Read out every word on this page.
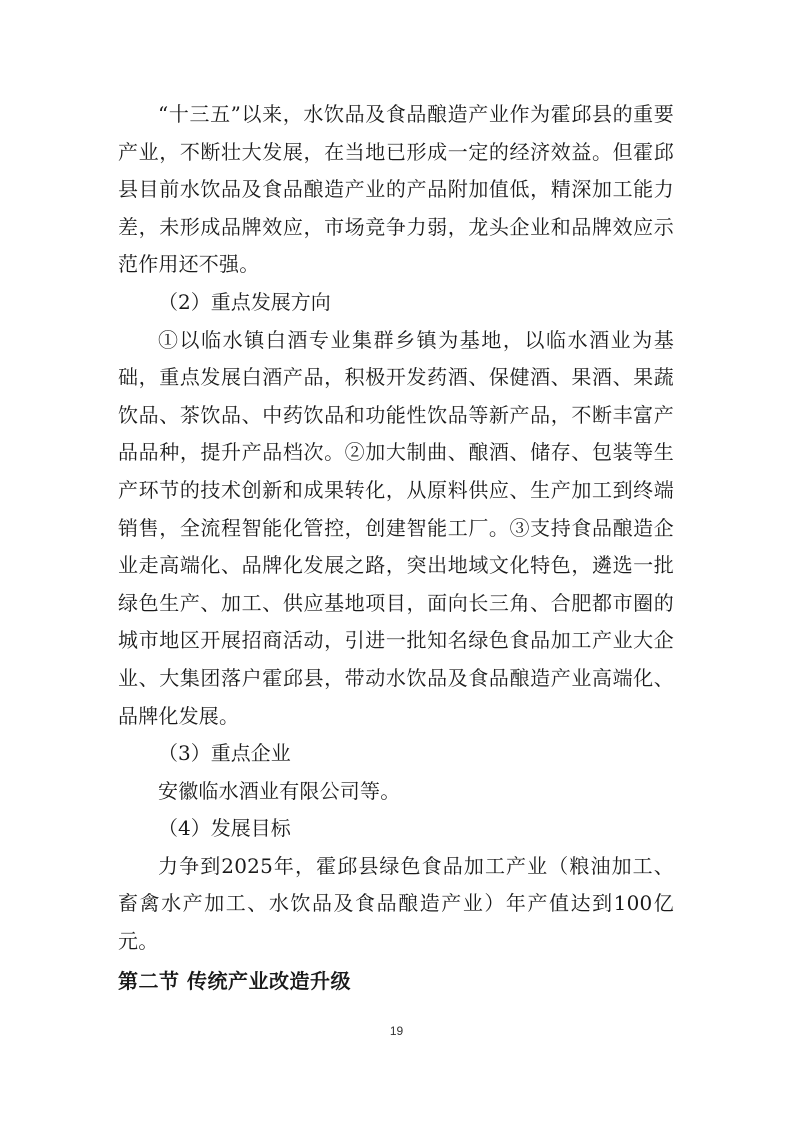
“十三五”以来，水饮品及食品酿造产业作为霍邱县的重要产业，不断壮大发展，在当地已形成一定的经济效益。但霍邱县目前水饮品及食品酿造产业的产品附加值低，精深加工能力差，未形成品牌效应，市场竞争力弱，龙头企业和品牌效应示范作用还不强。

（2）重点发展方向

①以临水镇白酒专业集群乡镇为基地，以临水酒业为基础，重点发展白酒产品，积极开发药酒、保健酒、果酒、果蔬饮品、茶饮品、中药饮品和功能性饮品等新产品，不断丰富产品品种，提升产品档次。②加大制曲、酿酒、储存、包装等生产环节的技术创新和成果转化，从原料供应、生产加工到终端销售，全流程智能化管控，创建智能工厂。③支持食品酿造企业走高端化、品牌化发展之路，突出地域文化特色，遴选一批绿色生产、加工、供应基地项目，面向长三角、合肥都市圈的城市地区开展招商活动，引进一批知名绿色食品加工产业大企业、大集团落户霍邱县，带动水饮品及食品酿造产业高端化、品牌化发展。

（3）重点企业

安徽临水酒业有限公司等。

（4）发展目标

力争到2025年，霍邱县绿色食品加工产业（粮油加工、畜禽水产加工、水饮品及食品酿造产业）年产值达到100亿元。

第二节 传统产业改造升级
19
